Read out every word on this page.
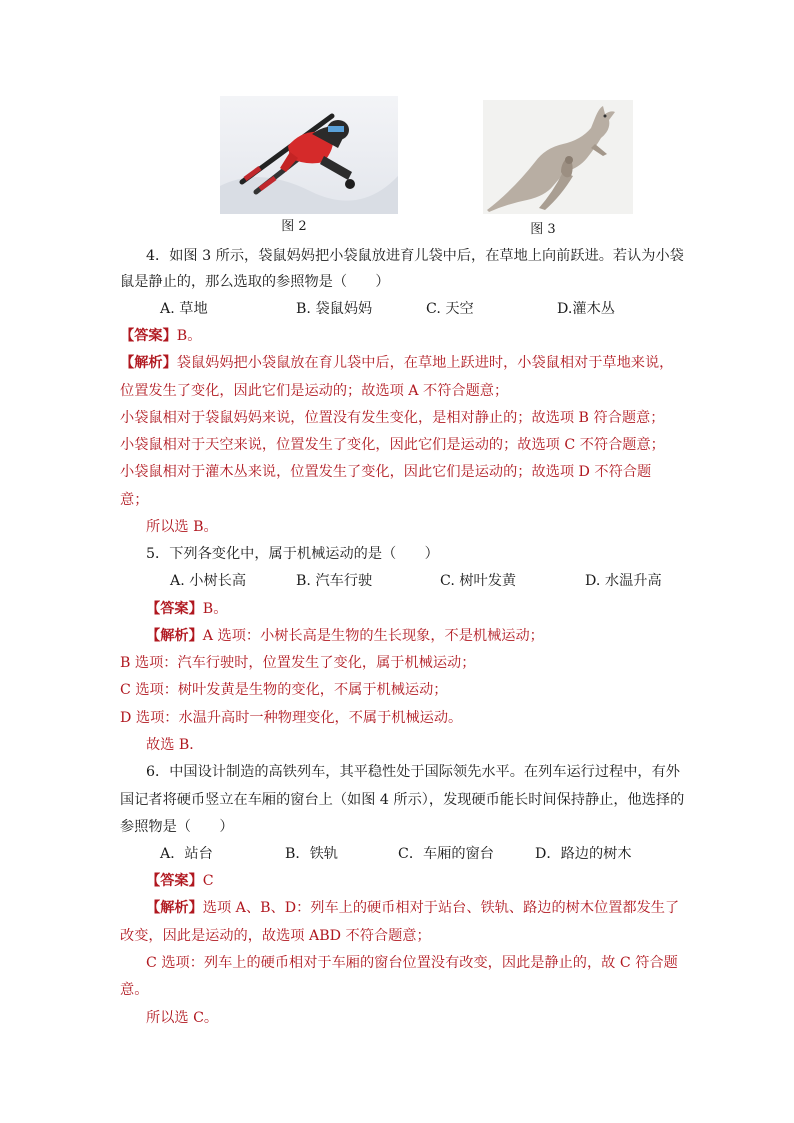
图 2	图 3
4．如图 3 所示，袋鼠妈妈把小袋鼠放进育儿袋中后，在草地上向前跃进。若认为小袋
鼠是静止的，那么选取的参照物是（　　）
A. 草地	B. 袋鼠妈妈	C. 天空	D.灌木丛
【答案】B。
【解析】袋鼠妈妈把小袋鼠放在育儿袋中后，在草地上跃进时，小袋鼠相对于草地来说，
位置发生了变化，因此它们是运动的；故选项 A 不符合题意；
小袋鼠相对于袋鼠妈妈来说，位置没有发生变化，是相对静止的；故选项 B 符合题意；
小袋鼠相对于天空来说，位置发生了变化，因此它们是运动的；故选项 C 不符合题意；
小袋鼠相对于灌木丛来说，位置发生了变化，因此它们是运动的；故选项 D 不符合题
意；
所以选 B。
5．下列各变化中，属于机械运动的是（　　）
A. 小树长高	B. 汽车行驶	C. 树叶发黄	D. 水温升高
【答案】B。
【解析】A 选项：小树长高是生物的生长现象，不是机械运动；
B 选项：汽车行驶时，位置发生了变化，属于机械运动；
C 选项：树叶发黄是生物的变化，不属于机械运动；
D 选项：水温升高时一种物理变化，不属于机械运动。
故选 B．
6．中国设计制造的高铁列车，其平稳性处于国际领先水平。在列车运行过程中，有外
国记者将硬币竖立在车厢的窗台上（如图 4 所示），发现硬币能长时间保持静止，他选择的
参照物是（　　）
A．站台	B．铁轨	C．车厢的窗台	D．路边的树木
【答案】C
【解析】选项 A、B、D：列车上的硬币相对于站台、铁轨、路边的树木位置都发生了
改变，因此是运动的，故选项 ABD 不符合题意；
C 选项：列车上的硬币相对于车厢的窗台位置没有改变，因此是静止的，故 C 符合题
意。
所以选 C。
